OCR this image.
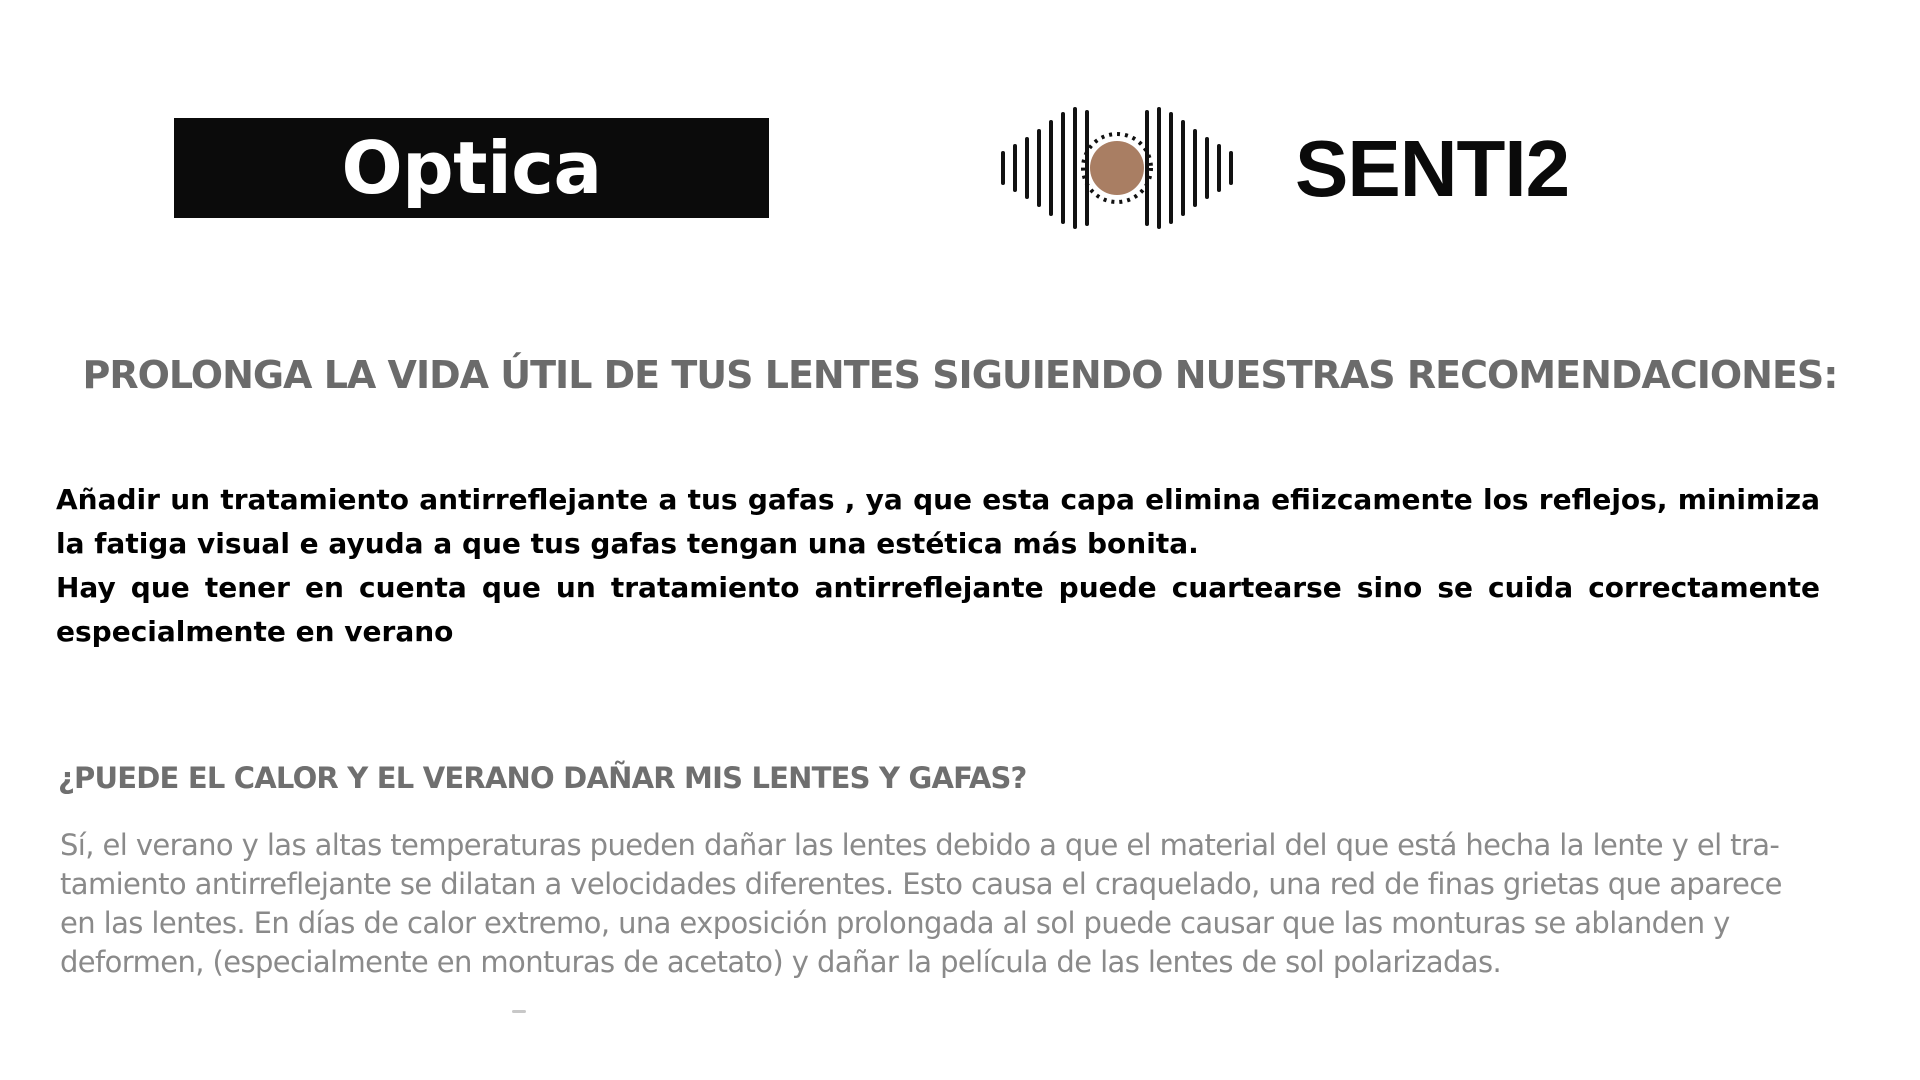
Optica Moraira
SENTI2
PROLONGA LA VIDA ÚTIL DE TUS LENTES SIGUIENDO NUESTRAS RECOMENDACIONES:

Añadir un tratamiento antirreflejante a tus gafas , ya que esta capa elimina efiizcamente los reflejos, minimiza la fatiga visual e ayuda a que tus gafas tengan una estética más bonita.

Hay que tener en cuenta que un tratamiento antirreflejante puede cuartearse sino se cuida correctamente especialmente en verano

¿PUEDE EL CALOR Y EL VERANO DAÑAR MIS LENTES Y GAFAS?
Sí, el verano y las altas temperaturas pueden dañar las lentes debido a que el material del que está hecha la lente y el tra-
tamiento antirreflejante se dilatan a velocidades diferentes. Esto causa el craquelado, una red de finas grietas que aparece
en las lentes. En días de calor extremo, una exposición prolongada al sol puede causar que las monturas se ablanden y
deformen, (especialmente en monturas de acetato) y dañar la película de las lentes de sol polarizadas.
